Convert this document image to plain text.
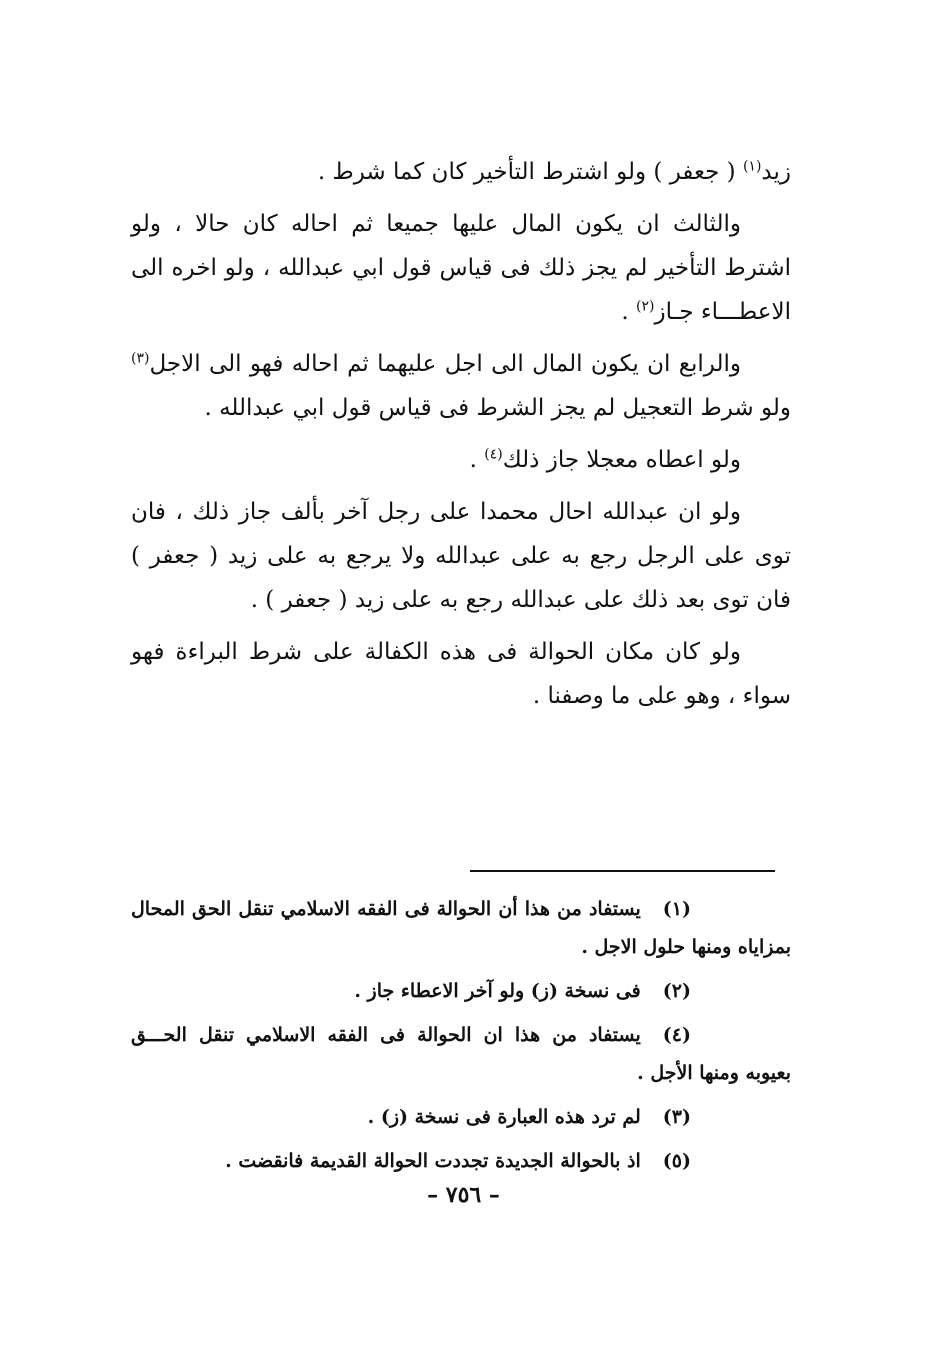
زيد$^{(١)}$ ( جعفر ) ولو اشترط التأخير كان كما شرط .

والثالث ان يكون المال عليها جميعا ثم احاله كان حالا ، ولو اشترط التأخير لم يجز ذلك فى قياس قول ابي عبدالله ، ولو اخره الى الاعطـــاء جـاز$^{(٢)}$ .

والرابع ان يكون المال الى اجل عليهما ثم احاله فهو الى الاجل$^{(٣)}$ ولو شرط التعجيل لم يجز الشرط فى قياس قول ابي عبدالله .

ولو اعطاه معجلا جاز ذلك$^{(٤)}$ .

ولو ان عبدالله احال محمدا على رجل آخر بألف جاز ذلك ، فان توى على الرجل رجع به على عبدالله ولا يرجع به على زيد ( جعفر ) فان توى بعد ذلك على عبدالله رجع به على زيد ( جعفر ) .

ولو كان مكان الحوالة فى هذه الكفالة على شرط البراءة فهو سواء ، وهو على ما وصفنا .

(١)يستفاد من هذا أن الحوالة فى الفقه الاسلامي تنقل الحق المحال بمزاياه ومنها حلول الاجل .

(٢)فى نسخة (ز) ولو آخر الاعطاء جاز .

(٤)يستفاد من هذا ان الحوالة فى الفقه الاسلامي تنقل الحـــق بعيوبه ومنها الأجل .

(٣)لم ترد هذه العبارة فى نسخة (ز) .

(٥)اذ بالحوالة الجديدة تجددت الحوالة القديمة فانقضت .

– ٧٥٦ –
